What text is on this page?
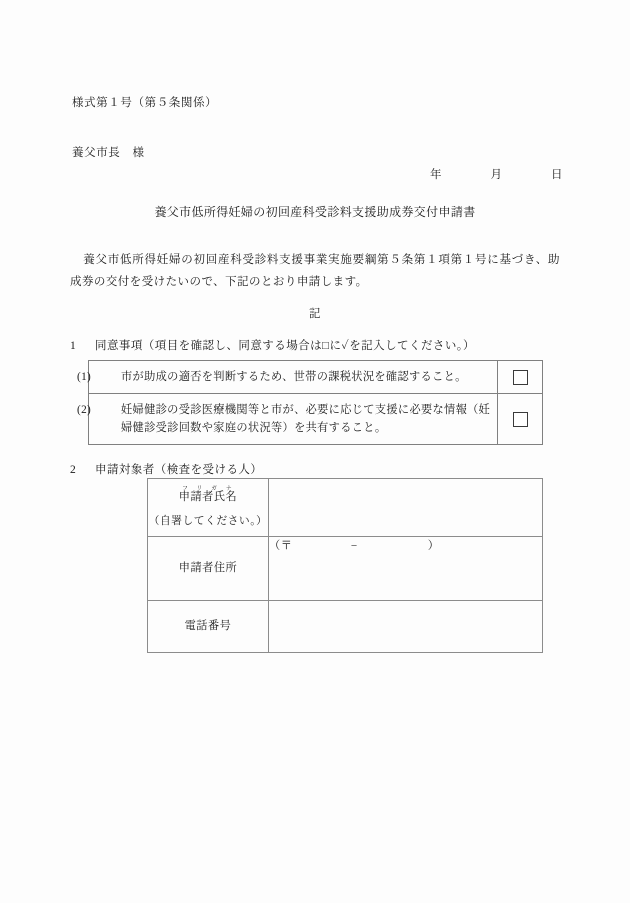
様式第１号（第５条関係）
養父市長　様
年　　　　月　　　　日
養父市低所得妊婦の初回産科受診料支援助成券交付申請書
養父市低所得妊婦の初回産科受診料支援事業実施要綱第５条第１項第１号に基づき、助成券の交付を受けたいので、下記のとおり申請します。
記
1 同意事項（項目を確認し、同意する場合は□に✓を記入してください。）
(1) 市が助成の適否を判断するため、世帯の課税状況を確認すること。	

(2) 妊婦健診の受診医療機関等と市が、必要に応じて支援に必要な情報（妊婦健診受診回数や家庭の状況等）を共有すること。	

2 申請対象者（検査を受ける人）
申請者氏名フリガナ
（自署してください。）	

申請者住所	（〒　　　　　−　　　　　　）
電話番号	
